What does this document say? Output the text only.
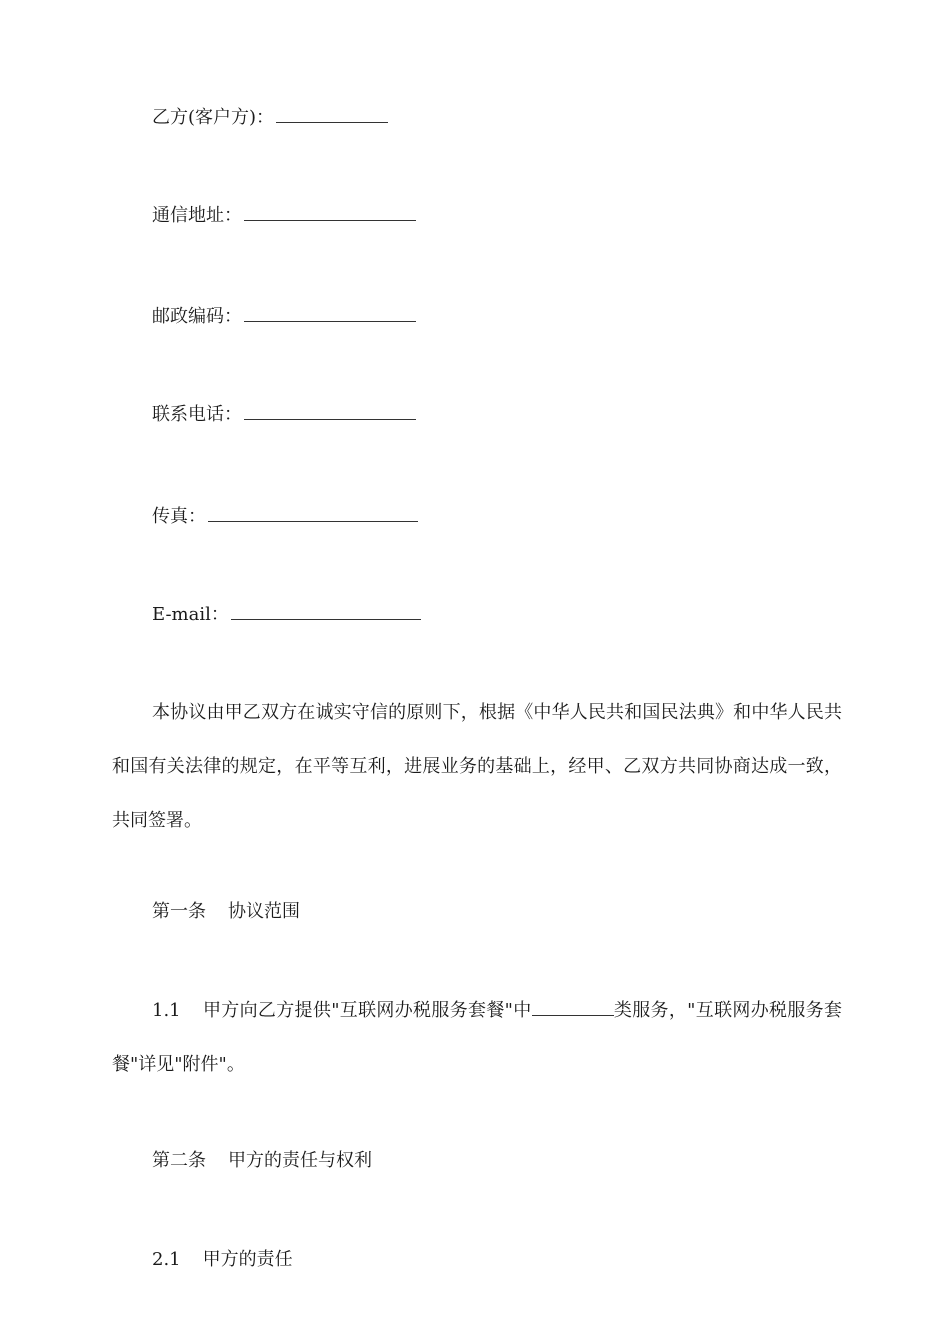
乙方(客户方)：
通信地址：
邮政编码：
联系电话：
传真：
E-mail：
本协议由甲乙双方在诚实守信的原则下，根据《中华人民共和国民法典》和中华人民共和国有关法律的规定，在平等互利，进展业务的基础上，经甲、乙双方共同协商达成一致，共同签署。
第一条 协议范围
1.1 甲方向乙方提供"互联网办税服务套餐"中	类服务，"互联网办税服务套餐"详见"附件"。
第二条 甲方的责任与权利
2.1 甲方的责任
